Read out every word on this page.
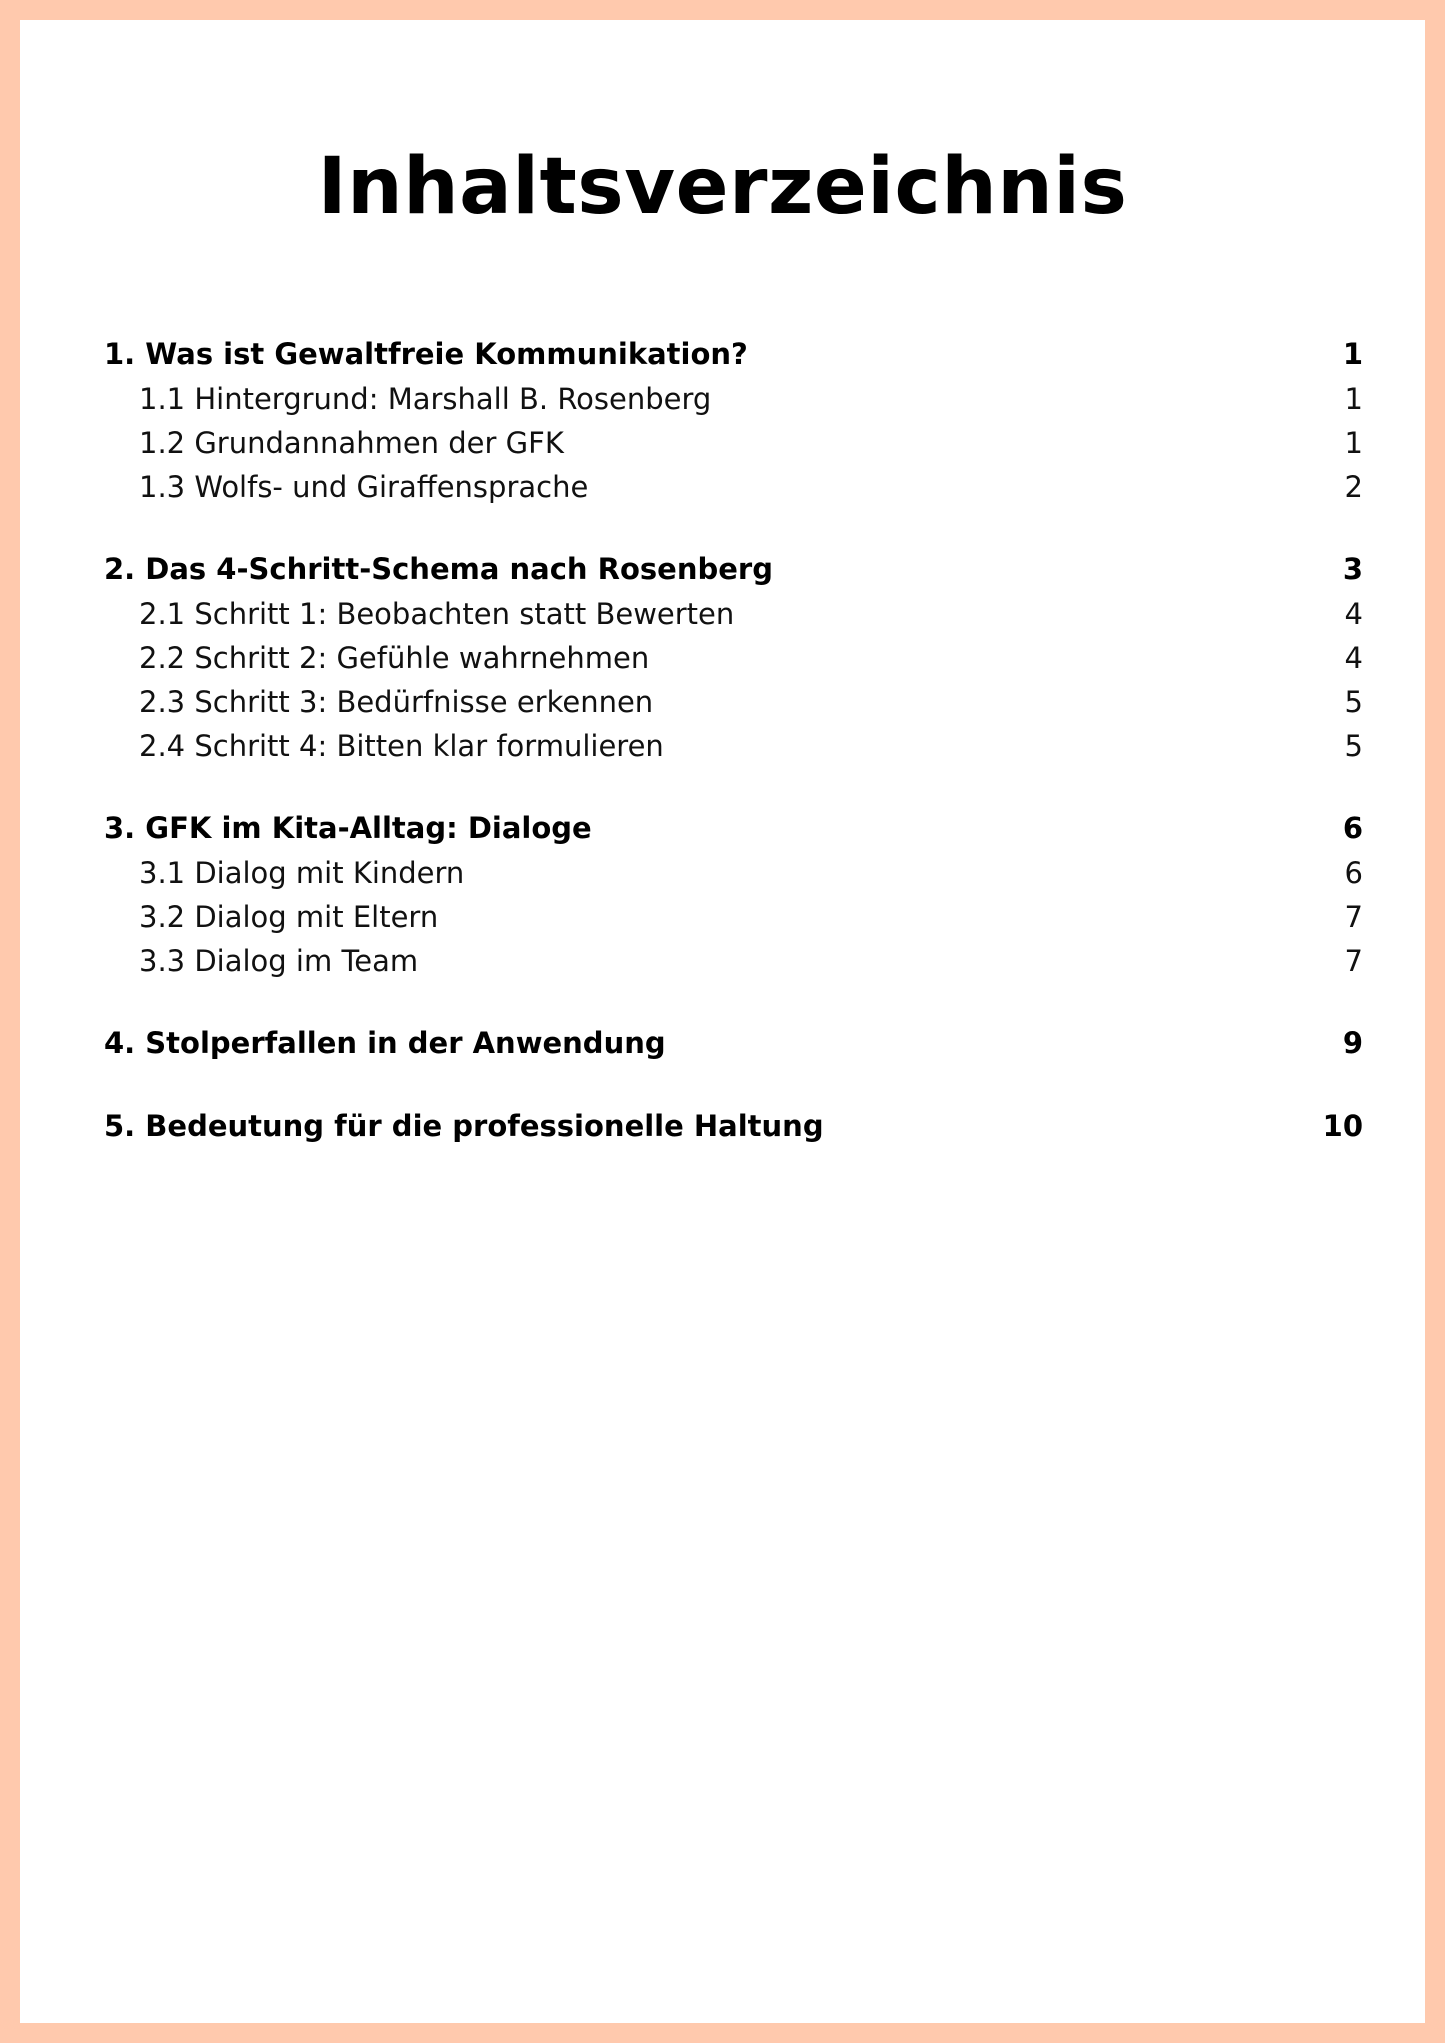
Inhaltsverzeichnis
1. Was ist Gewaltfreie Kommunikation?	1
1.1 Hintergrund: Marshall B. Rosenberg	1
1.2 Grundannahmen der GFK	1
1.3 Wolfs- und Giraffensprache	2
2. Das 4-Schritt-Schema nach Rosenberg	3
2.1 Schritt 1: Beobachten statt Bewerten	4
2.2 Schritt 2: Gefühle wahrnehmen	4
2.3 Schritt 3: Bedürfnisse erkennen	5
2.4 Schritt 4: Bitten klar formulieren	5
3. GFK im Kita-Alltag: Dialoge	6
3.1 Dialog mit Kindern	6
3.2 Dialog mit Eltern	7
3.3 Dialog im Team	7
4. Stolperfallen in der Anwendung	9
5. Bedeutung für die professionelle Haltung	10
